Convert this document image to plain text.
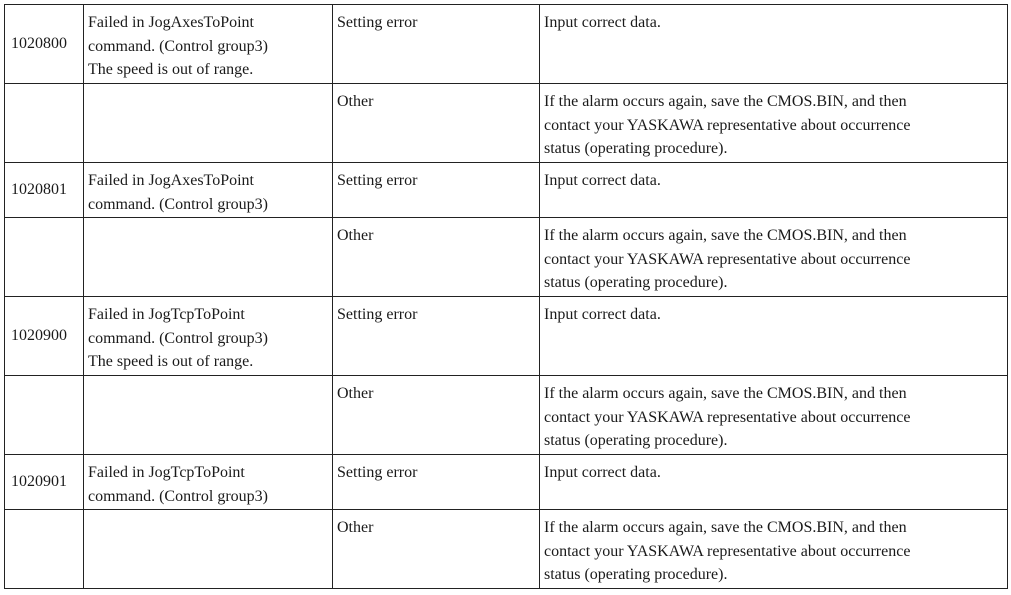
1020800	Failed in JogAxesToPoint
command. (Control group3)
The speed is out of range.	Setting error	Input correct data.

		Other	If the alarm occurs again, save the CMOS.BIN, and then
contact your YASKAWA representative about occurrence
status (operating procedure).

1020801	Failed in JogAxesToPoint
command. (Control group3)	Setting error	Input correct data.

		Other	If the alarm occurs again, save the CMOS.BIN, and then
contact your YASKAWA representative about occurrence
status (operating procedure).

1020900	Failed in JogTcpToPoint
command. (Control group3)
The speed is out of range.	Setting error	Input correct data.

		Other	If the alarm occurs again, save the CMOS.BIN, and then
contact your YASKAWA representative about occurrence
status (operating procedure).

1020901	Failed in JogTcpToPoint
command. (Control group3)	Setting error	Input correct data.

		Other	If the alarm occurs again, save the CMOS.BIN, and then
contact your YASKAWA representative about occurrence
status (operating procedure).
